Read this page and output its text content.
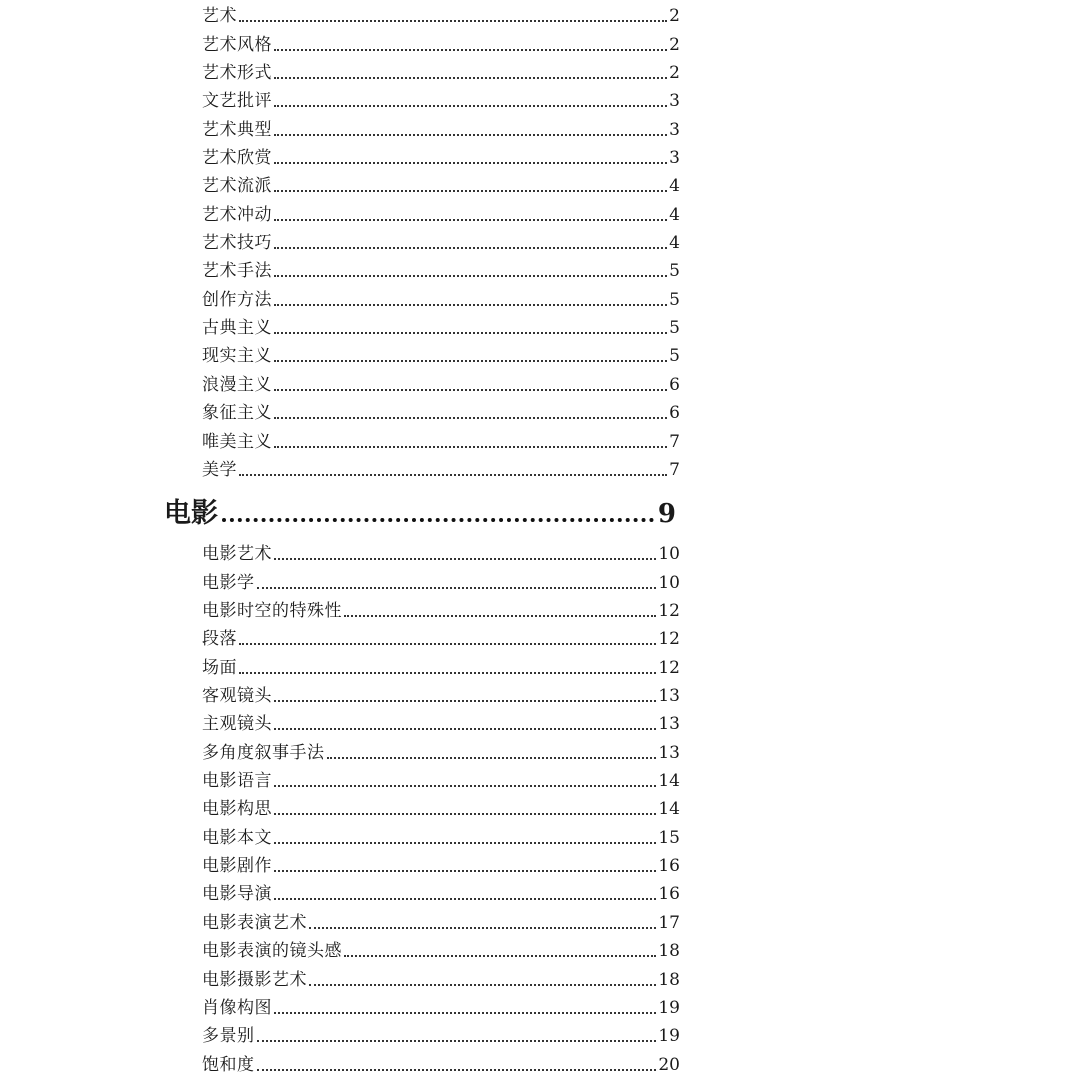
艺术	2
艺术风格	2
艺术形式	2
文艺批评	3
艺术典型	3
艺术欣赏	3
艺术流派	4
艺术冲动	4
艺术技巧	4
艺术手法	5
创作方法	5
古典主义	5
现实主义	5
浪漫主义	6
象征主义	6
唯美主义	7
美学	7
电影	9
电影艺术	10
电影学	10
电影时空的特殊性	12
段落	12
场面	12
客观镜头	13
主观镜头	13
多角度叙事手法	13
电影语言	14
电影构思	14
电影本文	15
电影剧作	16
电影导演	16
电影表演艺术	17
电影表演的镜头感	18
电影摄影艺术	18
肖像构图	19
多景别	19
饱和度	20
